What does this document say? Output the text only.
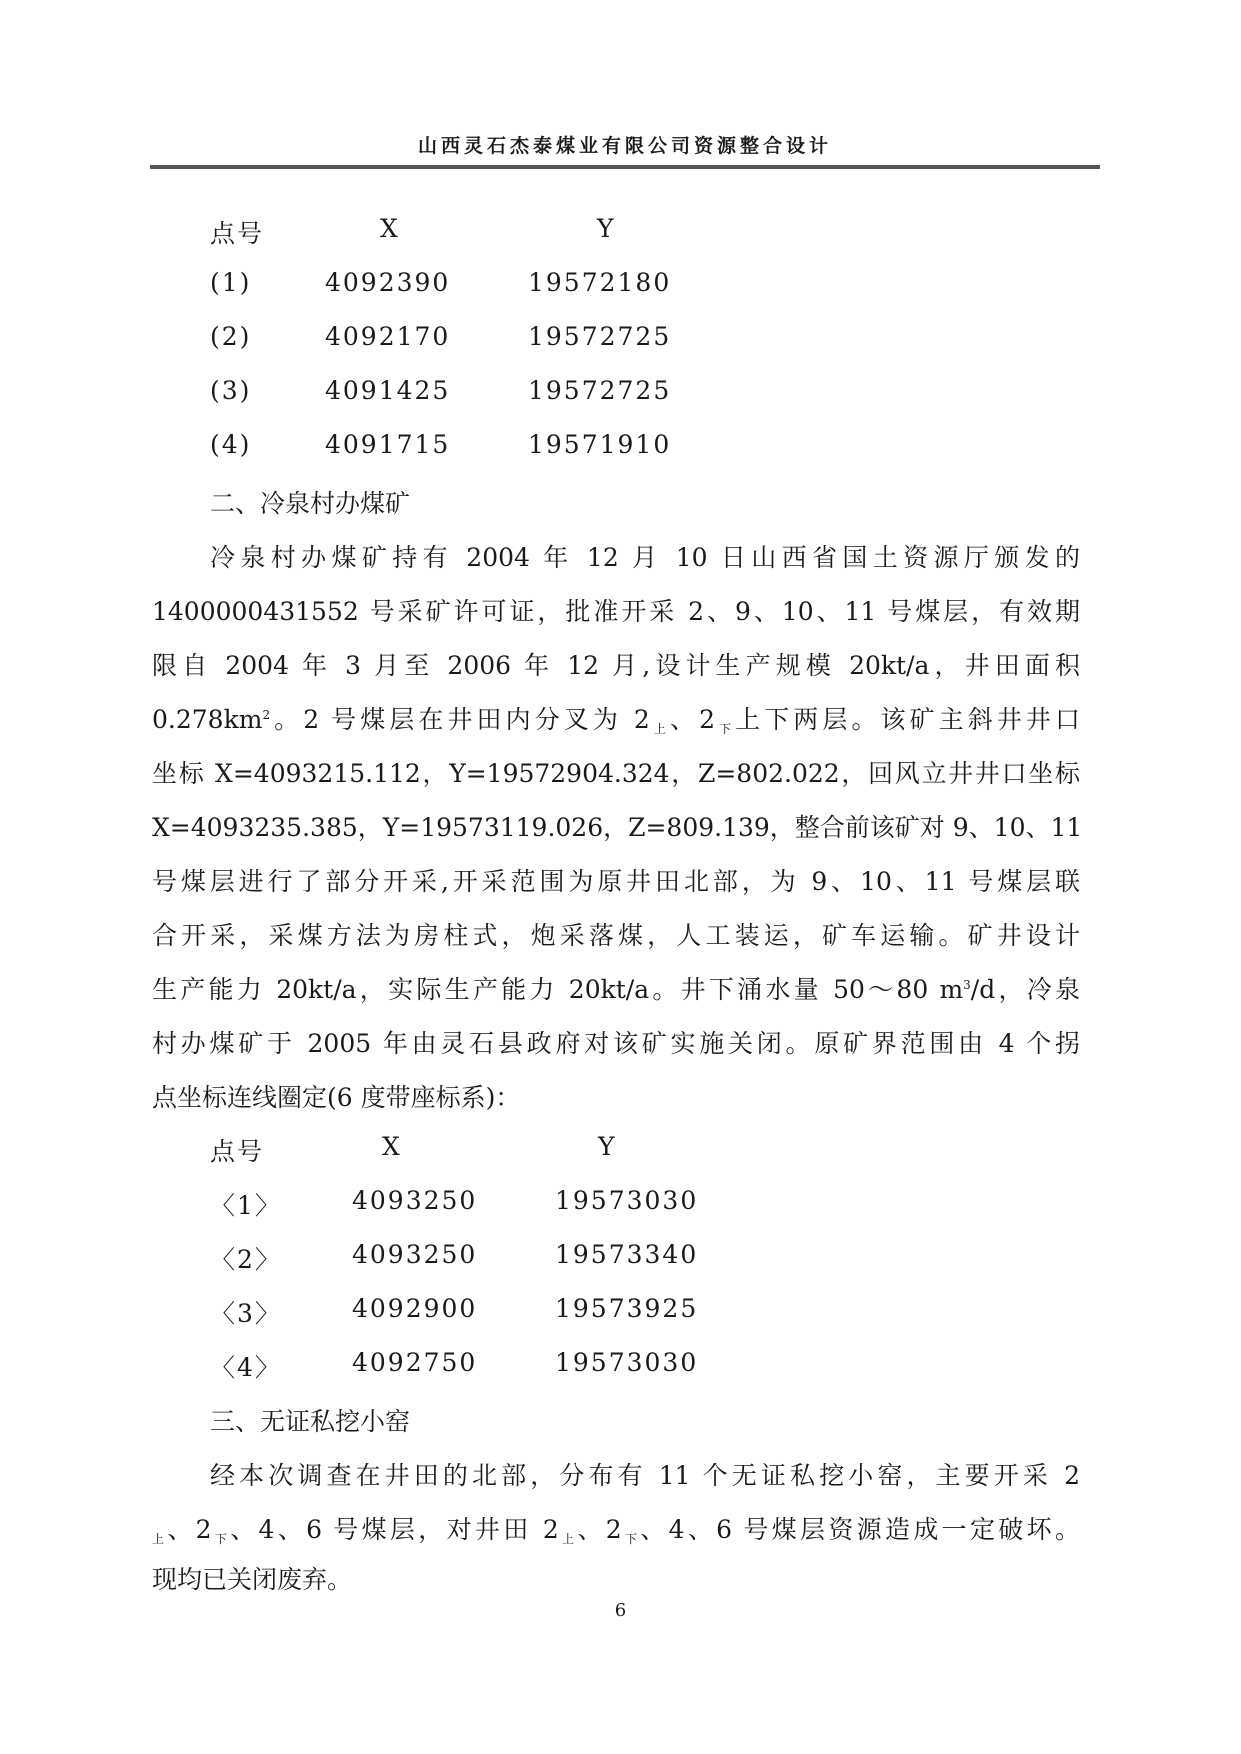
山西灵石杰泰煤业有限公司资源整合设计
点号	X	Y
(1)	4092390	19572180
(2)	4092170	19572725
(3)	4091425	19572725
(4)	4091715	19571910
二、冷泉村办煤矿
冷泉村办煤矿持有 2004 年 12 月 10 日山西省国土资源厅颁发的
1400000431552 号采矿许可证，批准开采 2、9、10、11 号煤层，有效期
限自 2004 年 3 月至 2006 年 12 月,设计生产规模 20kt/a，井田面积
$0.278km^2$。2 号煤层在井田内分叉为 $2_上$、$2_下$上下两层。该矿主斜井井口
坐标 X=4093215.112，Y=19572904.324，Z=802.022，回风立井井口坐标
X=4093235.385，Y=19573119.026，Z=809.139，整合前该矿对 9、10、11
号煤层进行了部分开采,开采范围为原井田北部，为 9、10、11 号煤层联
合开采，采煤方法为房柱式，炮采落煤，人工装运，矿车运输。矿井设计
生产能力 20kt/a，实际生产能力 20kt/a。井下涌水量 50～80 $m^3/d$，冷泉
村办煤矿于 2005 年由灵石县政府对该矿实施关闭。原矿界范围由 4 个拐
点坐标连线圈定(6 度带座标系)：
点号	X	Y
〈1〉	4093250	19573030
〈2〉	4093250	19573340
〈3〉	4092900	19573925
〈4〉	4092750	19573030
三、无证私挖小窑
经本次调查在井田的北部，分布有 11 个无证私挖小窑，主要开采 2
$_上$、$2_下$、4、6 号煤层，对井田 $2_上$、$2_下$、4、6 号煤层资源造成一定破坏。
现均已关闭废弃。
6
